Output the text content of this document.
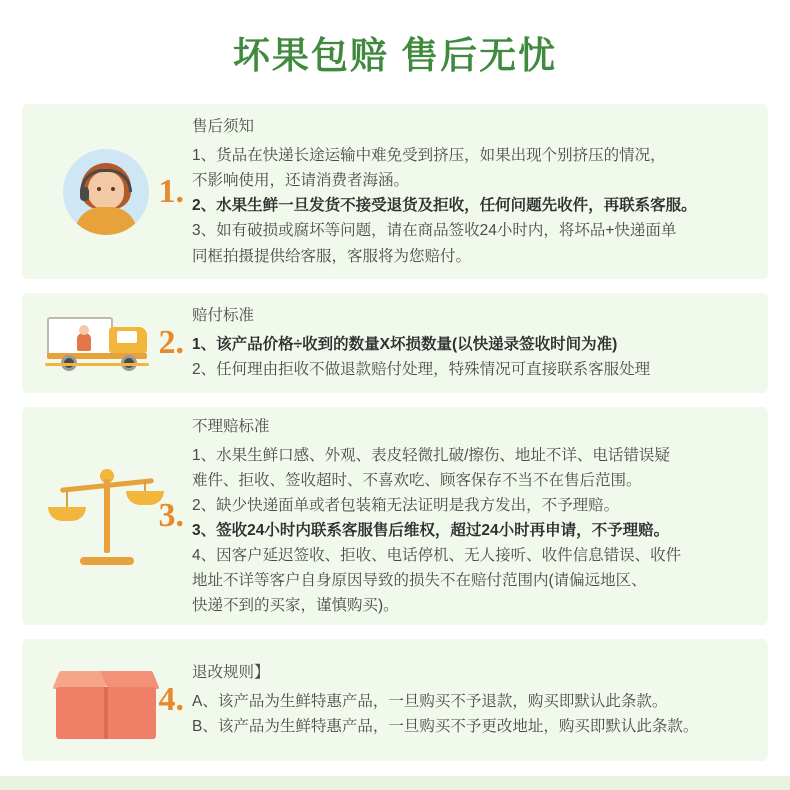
坏果包赔 售后无忧
1.
售后须知
1、货品在快递长途运输中难免受到挤压，如果出现个别挤压的情况，
不影响使用，还请消费者海涵。
2、水果生鲜一旦发货不接受退货及拒收，任何问题先收件，再联系客服。
3、如有破损或腐坏等问题，请在商品签收24小时内，将坏品+快递面单
同框拍摄提供给客服，客服将为您赔付。
2.
赔付标准
1、该产品价格÷收到的数量X坏损数量(以快递录签收时间为准)
2、任何理由拒收不做退款赔付处理，特殊情况可直接联系客服处理
3.
不理赔标准
1、水果生鲜口感、外观、表皮轻微扎破/擦伤、地址不详、电话错误疑
难件、拒收、签收超时、不喜欢吃、顾客保存不当不在售后范围。
2、缺少快递面单或者包装箱无法证明是我方发出，不予理赔。
3、签收24小时内联系客服售后维权，超过24小时再申请，不予理赔。
4、因客户延迟签收、拒收、电话停机、无人接听、收件信息错误、收件
地址不详等客户自身原因导致的损失不在赔付范围内(请偏远地区、
快递不到的买家，谨慎购买)。
4.
退改规则】
A、该产品为生鲜特惠产品，一旦购买不予退款，购买即默认此条款。
B、该产品为生鲜特惠产品，一旦购买不予更改地址，购买即默认此条款。
